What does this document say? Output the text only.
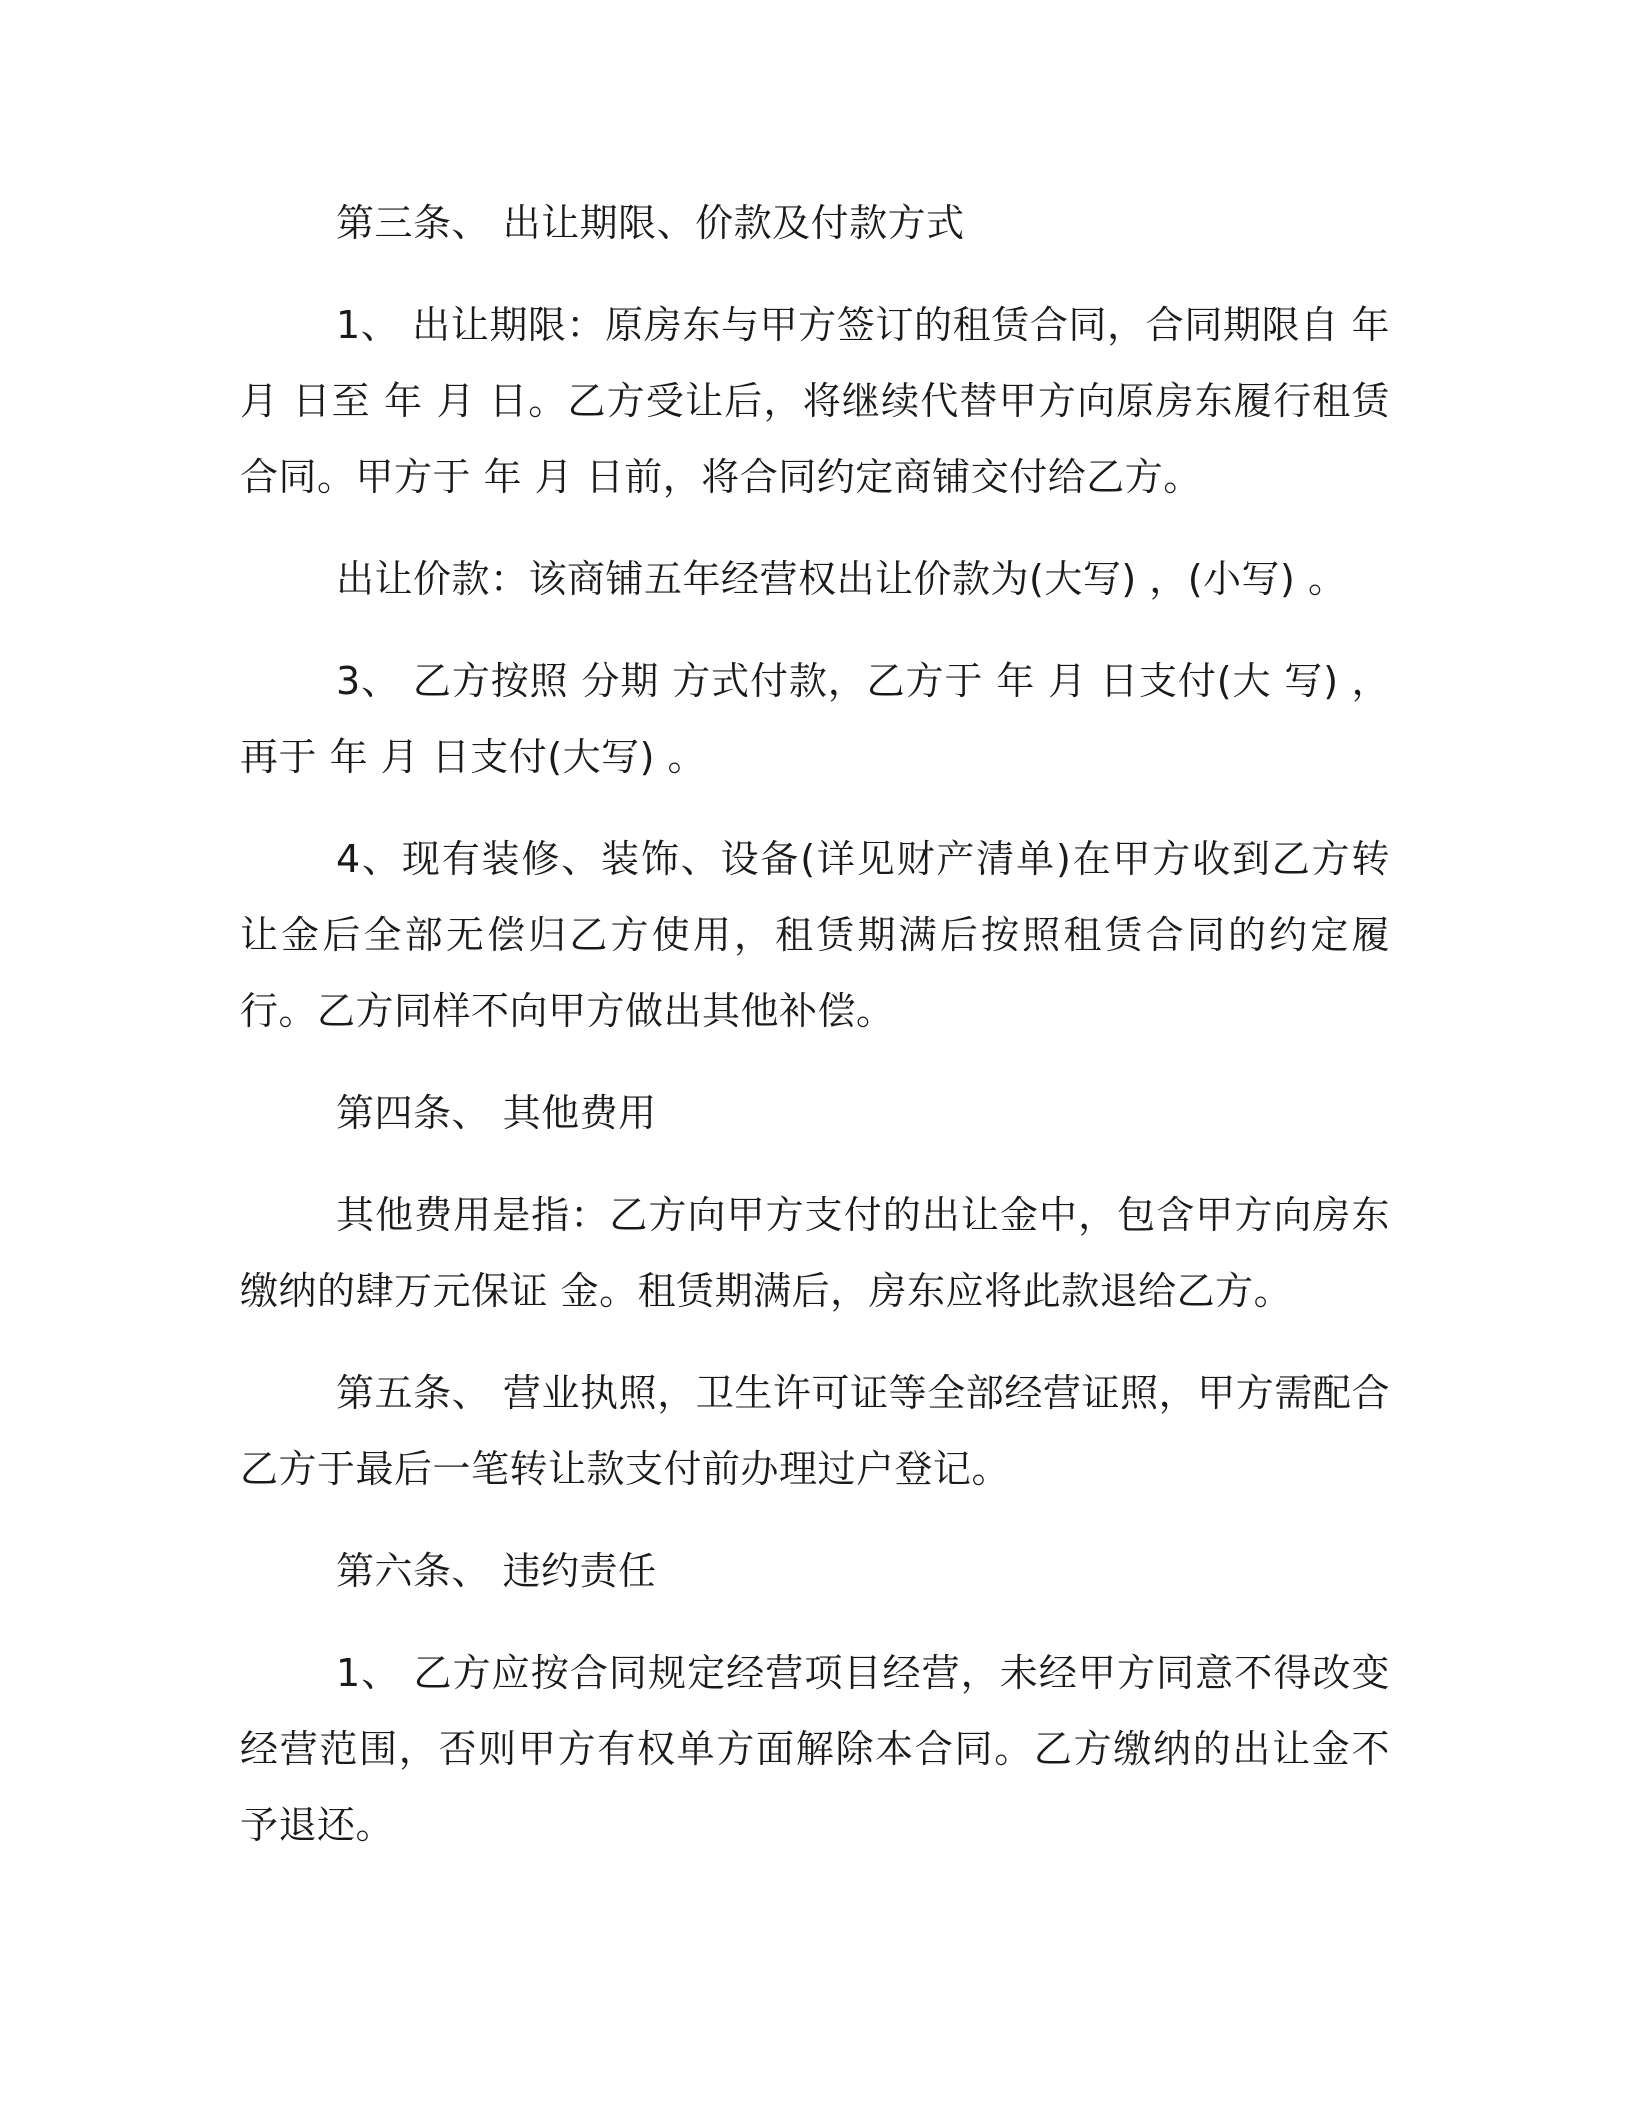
第三条、 出让期限、价款及付款方式

1、 出让期限：原房东与甲方签订的租赁合同，合同期限自 年 月 日至 年 月 日。乙方受让后，将继续代替甲方向原房东履行租赁合同。甲方于 年 月 日前，将合同约定商铺交付给乙方。

出让价款：该商铺五年经营权出让价款为(大写) ，(小写) 。

3、 乙方按照 分期 方式付款，乙方于 年 月 日支付(大 写) ，再于 年 月 日支付(大写) 。

4、现有装修、装饰、设备(详见财产清单)在甲方收到乙方转让金后全部无偿归乙方使用，租赁期满后按照租赁合同的约定履行。乙方同样不向甲方做出其他补偿。

第四条、 其他费用

其他费用是指：乙方向甲方支付的出让金中，包含甲方向房东缴纳的肆万元保证 金。租赁期满后，房东应将此款退给乙方。

第五条、 营业执照，卫生许可证等全部经营证照，甲方需配合乙方于最后一笔转让款支付前办理过户登记。

第六条、 违约责任

1、 乙方应按合同规定经营项目经营，未经甲方同意不得改变经营范围，否则甲方有权单方面解除本合同。乙方缴纳的出让金不予退还。
